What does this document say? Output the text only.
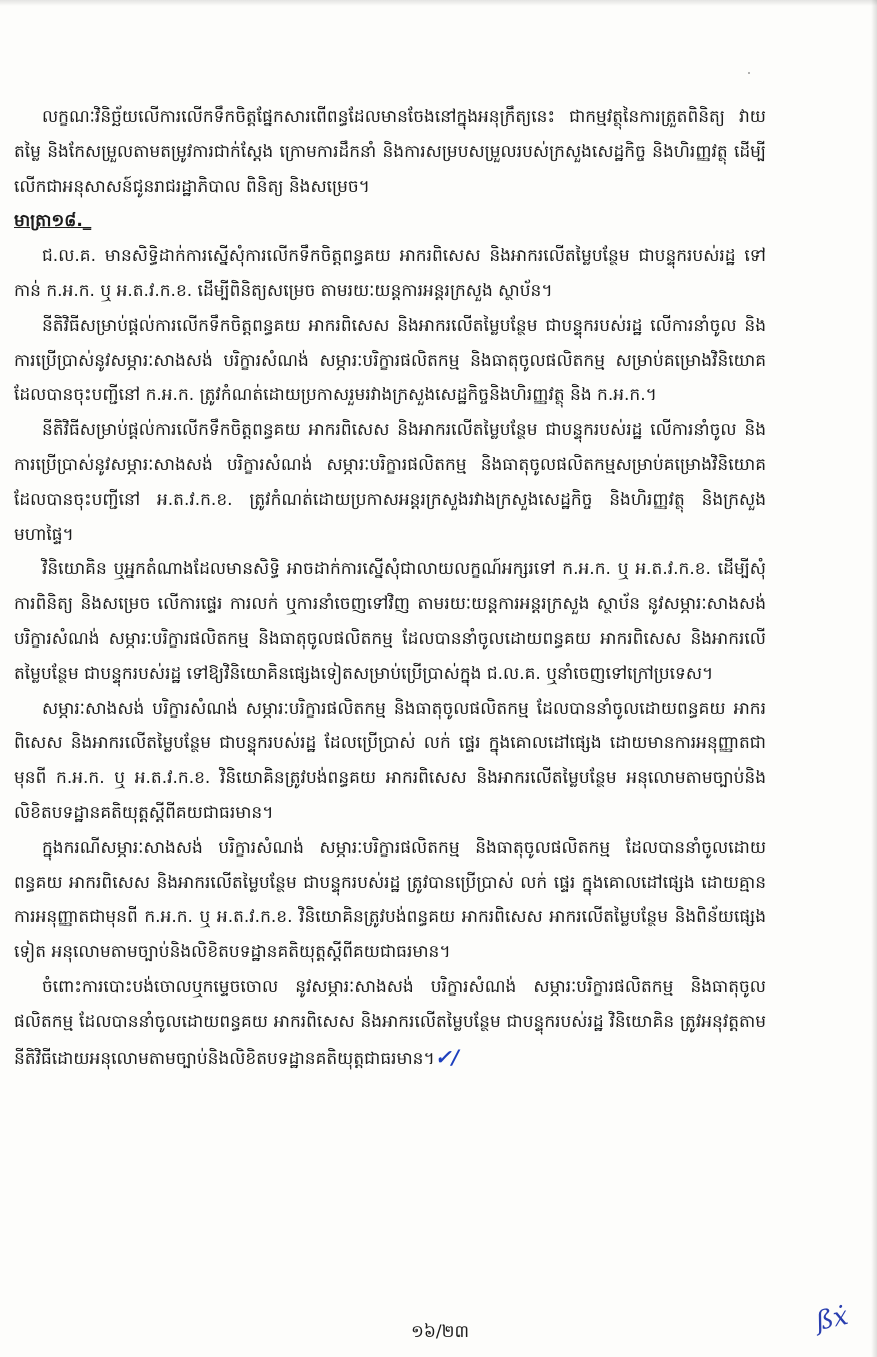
លក្ខណៈវិនិច្ឆ័យលើការលើកទឹកចិត្តផ្នែកសារពើពន្ធដែលមានចែងនៅក្នុងអនុក្រឹត្យនេះ ជាកម្មវត្ថុនៃការត្រួតពិនិត្យ វាយតម្លៃ និងកែសម្រួលតាមតម្រូវការជាក់ស្តែង ក្រោមការដឹកនាំ និងការសម្របសម្រួលរបស់ក្រសួងសេដ្ឋកិច្ច និងហិរញ្ញវត្ថុ ដើម្បីលើកជាអនុសាសន៍ជូនរាជរដ្ឋាភិបាល ពិនិត្យ និងសម្រេច។

មាត្រា១៨._

ជ.ល.គ. មានសិទ្ធិដាក់ការស្នើសុំការលើកទឹកចិត្តពន្ធគយ អាករពិសេស និងអាករលើតម្លៃបន្ថែម ជាបន្ទុករបស់រដ្ឋ ទៅកាន់ ក.អ.ក. ឬ អ.ត.វ.ក.ខ. ដើម្បីពិនិត្យសម្រេច តាមរយៈយន្តការអន្តរក្រសួង ស្ថាប័ន។

នីតិវិធីសម្រាប់ផ្តល់ការលើកទឹកចិត្តពន្ធគយ អាករពិសេស និងអាករលើតម្លៃបន្ថែម ជាបន្ទុករបស់រដ្ឋ លើការនាំចូល និងការប្រើប្រាស់នូវសម្ភារៈសាងសង់ បរិក្ខារសំណង់ សម្ភារៈបរិក្ខារផលិតកម្ម និងធាតុចូលផលិតកម្ម សម្រាប់គម្រោងវិនិយោគដែលបានចុះបញ្ជីនៅ ក.អ.ក. ត្រូវកំណត់ដោយប្រកាសរួមរវាងក្រសួងសេដ្ឋកិច្ចនិងហិរញ្ញវត្ថុ និង ក.អ.ក.។

នីតិវិធីសម្រាប់ផ្តល់ការលើកទឹកចិត្តពន្ធគយ អាករពិសេស និងអាករលើតម្លៃបន្ថែម ជាបន្ទុករបស់រដ្ឋ លើការនាំចូល និងការប្រើប្រាស់នូវសម្ភារៈសាងសង់ បរិក្ខារសំណង់ សម្ភារៈបរិក្ខារផលិតកម្ម និងធាតុចូលផលិតកម្មសម្រាប់គម្រោងវិនិយោគដែលបានចុះបញ្ជីនៅ អ.ត.វ.ក.ខ. ត្រូវកំណត់ដោយប្រកាសអន្តរក្រសួងរវាងក្រសួងសេដ្ឋកិច្ច និងហិរញ្ញវត្ថុ និងក្រសួងមហាផ្ទៃ។

វិនិយោគិន ឬអ្នកតំណាងដែលមានសិទ្ធិ អាចដាក់ការស្នើសុំជាលាយលក្ខណ៍អក្សរទៅ ក.អ.ក. ឬ អ.ត.វ.ក.ខ. ដើម្បីសុំការពិនិត្យ និងសម្រេច លើការផ្ទេរ ការលក់ ឬការនាំចេញទៅវិញ តាមរយៈយន្តការអន្តរក្រសួង ស្ថាប័ន នូវសម្ភារៈសាងសង់ បរិក្ខារសំណង់ សម្ភារៈបរិក្ខារផលិតកម្ម និងធាតុចូលផលិតកម្ម ដែលបាននាំចូលដោយពន្ធគយ អាករពិសេស និងអាករលើតម្លៃបន្ថែម ជាបន្ទុករបស់រដ្ឋ ទៅឱ្យវិនិយោគិនផ្សេងទៀតសម្រាប់ប្រើប្រាស់ក្នុង ជ.ល.គ. ឬនាំចេញទៅក្រៅប្រទេស។

សម្ភារៈសាងសង់ បរិក្ខារសំណង់ សម្ភារៈបរិក្ខារផលិតកម្ម និងធាតុចូលផលិតកម្ម ដែលបាននាំចូលដោយពន្ធគយ អាករពិសេស និងអាករលើតម្លៃបន្ថែម ជាបន្ទុករបស់រដ្ឋ ដែលប្រើប្រាស់ លក់ ផ្ទេរ ក្នុងគោលដៅផ្សេង ដោយមានការអនុញ្ញាតជាមុនពី ក.អ.ក. ឬ អ.ត.វ.ក.ខ. វិនិយោគិនត្រូវបង់ពន្ធគយ អាករពិសេស និងអាករលើតម្លៃបន្ថែម អនុលោមតាមច្បាប់និងលិខិតបទដ្ឋានគតិយុត្តស្តីពីគយជាធរមាន។

ក្នុងករណីសម្ភារៈសាងសង់ បរិក្ខារសំណង់ សម្ភារៈបរិក្ខារផលិតកម្ម និងធាតុចូលផលិតកម្ម ដែលបាននាំចូលដោយពន្ធគយ អាករពិសេស និងអាករលើតម្លៃបន្ថែម ជាបន្ទុករបស់រដ្ឋ ត្រូវបានប្រើប្រាស់ លក់ ផ្ទេរ ក្នុងគោលដៅផ្សេង ដោយគ្មានការអនុញ្ញាតជាមុនពី ក.អ.ក. ឬ អ.ត.វ.ក.ខ. វិនិយោគិនត្រូវបង់ពន្ធគយ អាករពិសេស អាករលើតម្លៃបន្ថែម និងពិន័យផ្សេងទៀត អនុលោមតាមច្បាប់និងលិខិតបទដ្ឋានគតិយុត្តស្តីពីគយជាធរមាន។

ចំពោះការបោះបង់ចោលឬកម្ទេចចោល នូវសម្ភារៈសាងសង់ បរិក្ខារសំណង់ សម្ភារៈបរិក្ខារផលិតកម្ម និងធាតុចូលផលិតកម្ម ដែលបាននាំចូលដោយពន្ធគយ អាករពិសេស និងអាករលើតម្លៃបន្ថែម ជាបន្ទុករបស់រដ្ឋ វិនិយោគិន ត្រូវអនុវត្តតាមនីតិវិធីដោយអនុលោមតាមច្បាប់និងលិខិតបទដ្ឋានគតិយុត្តជាធរមាន។✓/

១៦/២៣	ßẋ
